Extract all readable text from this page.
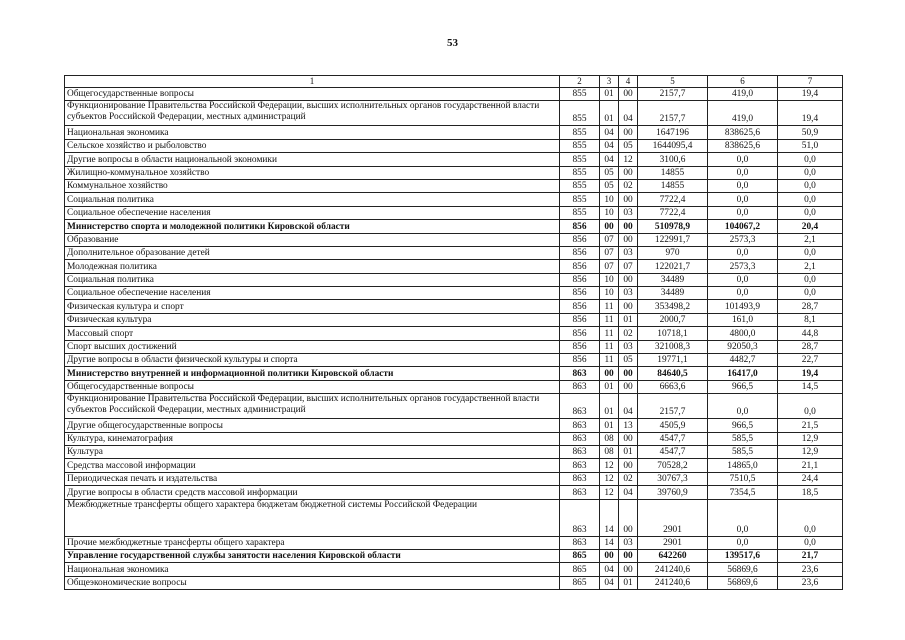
53
1	2	3	4	5	6	7
Общегосударственные вопросы	855	01	00	2157,7	419,0	19,4
Функционирование Правительства Российской Федерации, высших исполнительных органов государственной власти субъектов Российской Федерации, местных администраций	855	01	04	2157,7	419,0	19,4
Национальная экономика	855	04	00	1647196	838625,6	50,9
Сельское хозяйство и рыболовство	855	04	05	1644095,4	838625,6	51,0
Другие вопросы в области национальной экономики	855	04	12	3100,6	0,0	0,0
Жилищно-коммунальное хозяйство	855	05	00	14855	0,0	0,0
Коммунальное хозяйство	855	05	02	14855	0,0	0,0
Социальная политика	855	10	00	7722,4	0,0	0,0
Социальное обеспечение населения	855	10	03	7722,4	0,0	0,0
Министерство спорта и молодежной политики Кировской области	856	00	00	510978,9	104067,2	20,4
Образование	856	07	00	122991,7	2573,3	2,1
Дополнительное образование детей	856	07	03	970	0,0	0,0
Молодежная политика	856	07	07	122021,7	2573,3	2,1
Социальная политика	856	10	00	34489	0,0	0,0
Социальное обеспечение населения	856	10	03	34489	0,0	0,0
Физическая культура и спорт	856	11	00	353498,2	101493,9	28,7
Физическая культура	856	11	01	2000,7	161,0	8,1
Массовый спорт	856	11	02	10718,1	4800,0	44,8
Спорт высших достижений	856	11	03	321008,3	92050,3	28,7
Другие вопросы в области физической культуры и спорта	856	11	05	19771,1	4482,7	22,7
Министерство внутренней и информационной политики Кировской области	863	00	00	84640,5	16417,0	19,4
Общегосударственные вопросы	863	01	00	6663,6	966,5	14,5
Функционирование Правительства Российской Федерации, высших исполнительных органов государственной власти субъектов Российской Федерации, местных администраций	863	01	04	2157,7	0,0	0,0
Другие общегосударственные вопросы	863	01	13	4505,9	966,5	21,5
Культура, кинематография	863	08	00	4547,7	585,5	12,9
Культура	863	08	01	4547,7	585,5	12,9
Средства массовой информации	863	12	00	70528,2	14865,0	21,1
Периодическая печать и издательства	863	12	02	30767,3	7510,5	24,4
Другие вопросы в области средств массовой информации	863	12	04	39760,9	7354,5	18,5
Межбюджетные трансферты общего характера бюджетам бюджетной системы Российской Федерации	863	14	00	2901	0,0	0,0
Прочие межбюджетные трансферты общего характера	863	14	03	2901	0,0	0,0
Управление государственной службы занятости населения Кировской области	865	00	00	642260	139517,6	21,7
Национальная экономика	865	04	00	241240,6	56869,6	23,6
Общеэкономические вопросы	865	04	01	241240,6	56869,6	23,6
